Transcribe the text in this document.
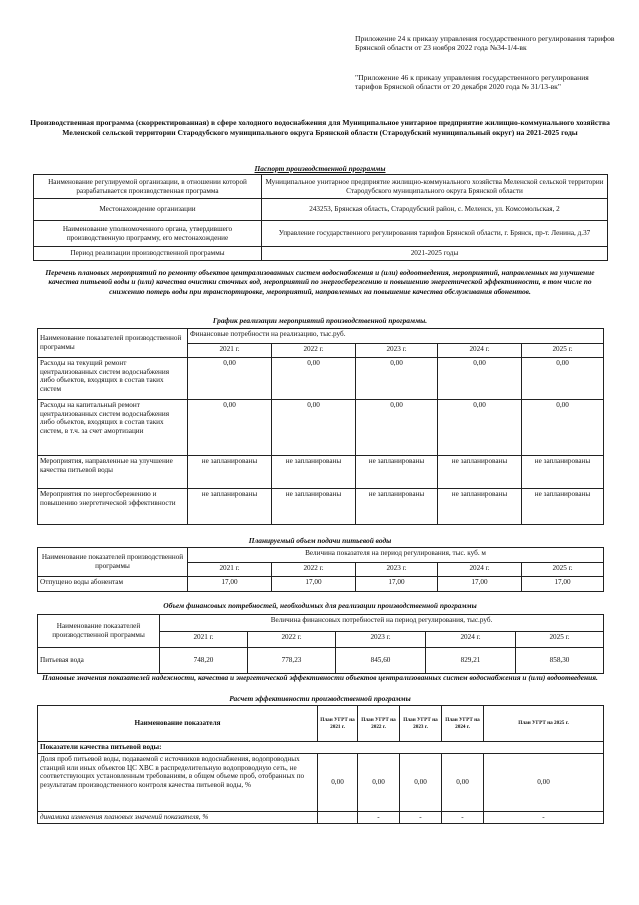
Приложение 24 к приказу управления государственного регулирования тарифов Брянской области от 23 ноября 2022 года №34-1/4-вк
"Приложение 46 к приказу управления государственного регулирования тарифов Брянской области от 20 декабря 2020 года № 31/13-вк"
Производственная программа (скорректированная) в сфере холодного водоснабжения для Муниципальное унитарное предприятие жилищно-коммунального хозяйства Меленской сельской территории Стародубского муниципального округа Брянской области (Стародубский муниципальный округ) на 2021-2025 годы
Паспорт производственной программы
Наименование регулируемой организации, в отношении которой разрабатывается производственная программа	Муниципальное унитарное предприятие жилищно-коммунального хозяйства Меленской сельской территории Стародубского муниципального округа Брянской области
Местонахождение организации	243253, Брянская область, Стародубский район, с. Меленск, ул. Комсомольская, 2
Наименование уполномоченного органа, утвердившего производственную программу, его местонахождение	Управление государственного регулирования тарифов Брянской области, г. Брянск, пр-т. Ленина, д.37
Период реализации производственной программы	2021-2025 годы
Перечень плановых мероприятий по ремонту объектов централизованных систем водоснабжения и (или) водоотведения, мероприятий, направленных на улучшение качества питьевой воды и (или) качества очистки сточных вод, мероприятий по энергосбережению и повышению энергетической эффективности, в том числе по снижению потерь воды при транспортировке, мероприятий, направленных на повышение качества обслуживания абонентов.
График реализации мероприятий производственной программы.
Наименование показателей производственной программы	Финансовые потребности на реализацию, тыс.руб.				
	2021 г.	2022 г.	2023 г.	2024 г.	2025 г.
Расходы на текущий ремонт централизованных систем водоснабжения либо объектов, входящих в состав таких систем	0,00	0,00	0,00	0,00	0,00
Расходы на капитальный ремонт централизованных систем водоснабжения либо объектов, входящих в состав таких систем, в т.ч. за счет амортизации	0,00	0,00	0,00	0,00	0,00
Мероприятия, направленные на улучшение качества питьевой воды	не запланированы	не запланированы	не запланированы	не запланированы	не запланированы
Мероприятия по энергосбережению и повышению энергетической эффективности	не запланированы	не запланированы	не запланированы	не запланированы	не запланированы
Планируемый объем подачи питьевой воды
Наименование показателей производственной программы	Величина показателя на период регулирования, тыс. куб. м				
	2021 г.	2022 г.	2023 г.	2024 г.	2025 г.
Отпущено воды абонентам	17,00	17,00	17,00	17,00	17,00
Объем финансовых потребностей, необходимых для реализации производственной программы
Наименование показателей производственной программы	Величина финансовых потребностей на период регулирования, тыс.руб.				
	2021 г.	2022 г.	2023 г.	2024 г.	2025 г.
Питьевая вода	748,20	778,23	845,60	829,21	858,30
Плановые значения показателей надежности, качества и энергетической эффективности объектов централизованных систем водоснабжения и (или) водоотведения.
Расчет эффективности производственной программы
Наименование показателя	План УГРТ на 2021 г.	План УГРТ на 2022 г.	План УГРТ на 2023 г.	План УГРТ на 2024 г.	План УГРТ на 2025 г.
Показатели качества питьевой воды:					
Доля проб питьевой воды, подаваемой с источников водоснабжения, водопроводных станций или иных объектов ЦС ХВС в распределительную водопроводную сеть, не соответствующих установленным требованиям, в общем объеме проб, отобранных по результатам производственного контроля качества питьевой воды, %	0,00	0,00	0,00	0,00	0,00
динамика изменения плановых значений показателя, %		-	-	-	-
